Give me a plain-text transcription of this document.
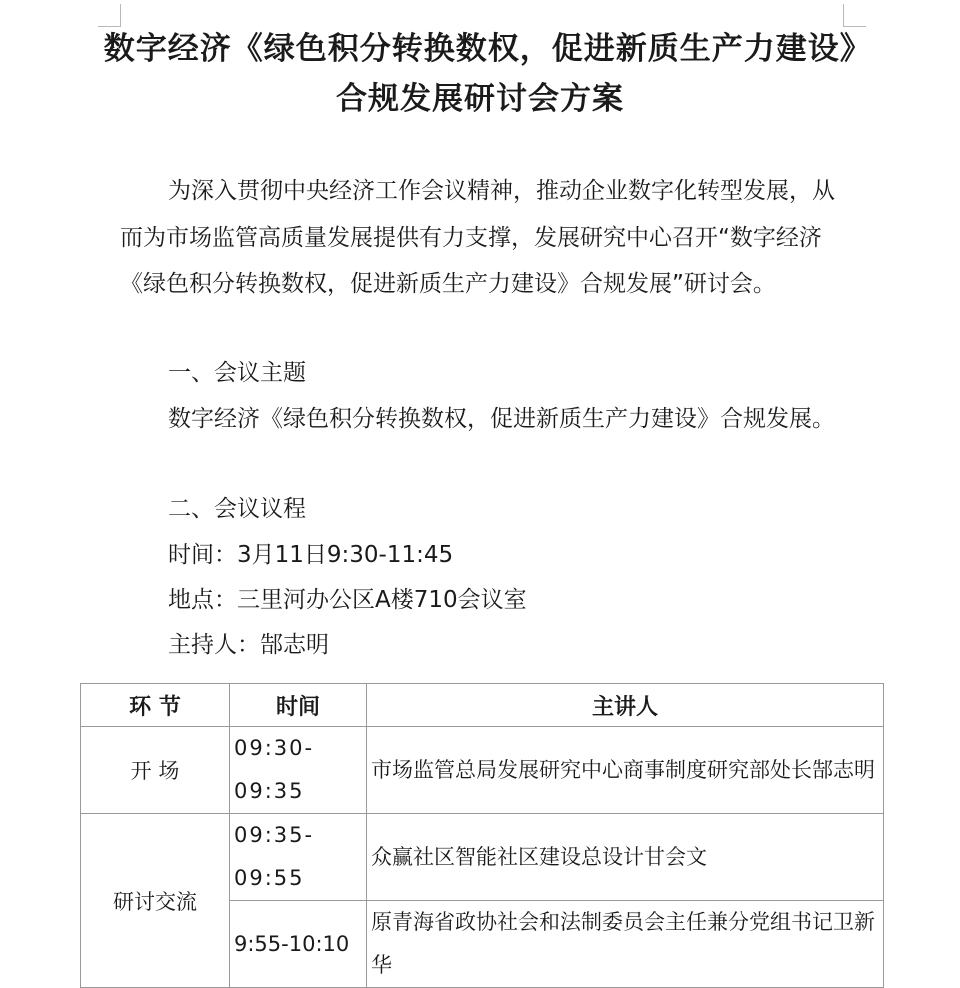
数字经济《绿色积分转换数权，促进新质生产力建设》合规发展研讨会方案
为深入贯彻中央经济工作会议精神，推动企业数字化转型发展，从而为市场监管高质量发展提供有力支撑，发展研究中心召开“数字经济《绿色积分转换数权，促进新质生产力建设》合规发展”研讨会。
一、会议主题
数字经济《绿色积分转换数权，促进新质生产力建设》合规发展。
二、会议议程
时间：3月11日9:30-11:45
地点：三里河办公区A楼710会议室
主持人：郜志明
环 节	时间	主讲人
开 场	09:30-09:35	市场监管总局发展研究中心商事制度研究部处长郜志明
研讨交流	09:35-09:55	众赢社区智能社区建设总设计甘会文
	9:55-10:10	原青海省政协社会和法制委员会主任兼分党组书记卫新华
